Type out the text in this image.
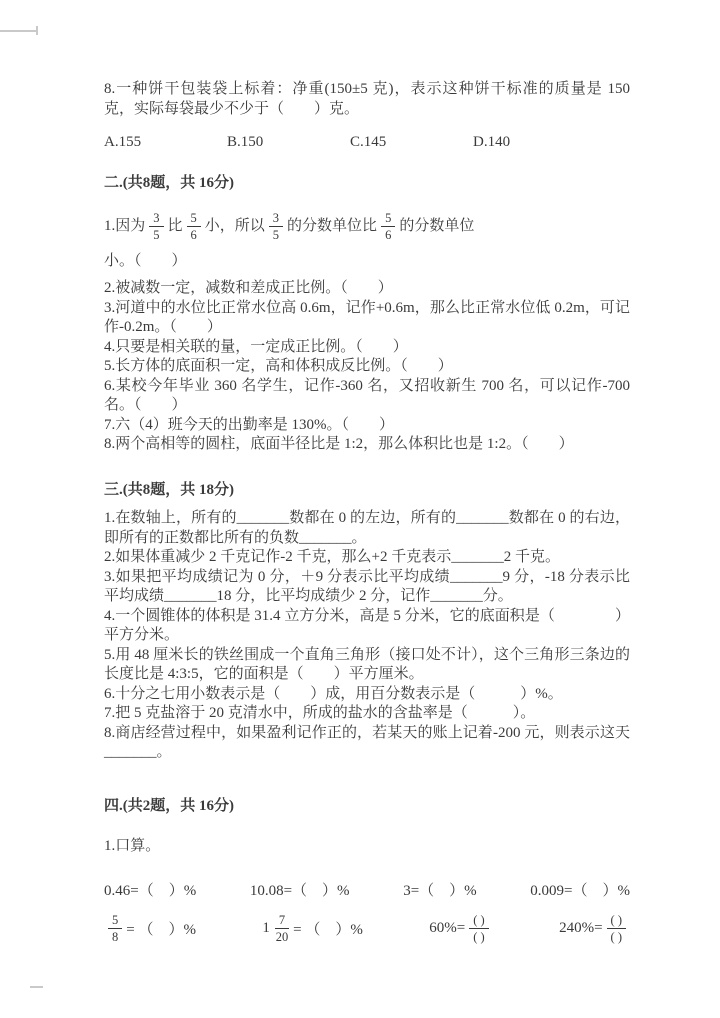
8.一种饼干包装袋上标着：净重(150±5 克)，表示这种饼干标准的质量是 150 克，实际每袋最少不少于（　　）克。

A.155	B.150	C.145	D.140
二.(共8题，共 16分)

1.因为 $\frac{3}{5}$ 比 $\frac{5}{6}$ 小，所以 $\frac{3}{5}$ 的分数单位比 $\frac{5}{6}$ 的分数单位

小。（　　）

2.被减数一定，减数和差成正比例。（　　）

3.河道中的水位比正常水位高 0.6m，记作+0.6m，那么比正常水位低 0.2m，可记作-0.2m。（　　）

4.只要是相关联的量，一定成正比例。（　　）

5.长方体的底面积一定，高和体积成反比例。（　　）

6.某校今年毕业 360 名学生，记作-360 名，又招收新生 700 名，可以记作-700名。（　　）

7.六（4）班今天的出勤率是 130%。（　　）

8.两个高相等的圆柱，底面半径比是 1:2，那么体积比也是 1:2。（　　）

三.(共8题，共 18分)

1.在数轴上，所有的_______数都在 0 的左边，所有的_______数都在 0 的右边，即所有的正数都比所有的负数_______。

2.如果体重减少 2 千克记作-2 千克，那么+2 千克表示_______2 千克。

3.如果把平均成绩记为 0 分，＋9 分表示比平均成绩_______9 分，-18 分表示比平均成绩_______18 分，比平均成绩少 2 分，记作_______分。

4.一个圆锥体的体积是 31.4 立方分米，高是 5 分米，它的底面积是（　　　　）平方分米。

5.用 48 厘米长的铁丝围成一个直角三角形（接口处不计），这个三角形三条边的长度比是 4:3:5，它的面积是（　　）平方厘米。

6.十分之七用小数表示是（　　）成，用百分数表示是（　　　）%。

7.把 5 克盐溶于 20 克清水中，所成的盐水的含盐率是（　　　）。

8.商店经营过程中，如果盈利记作正的，若某天的账上记着-200 元，则表示这天_______。

四.(共2题，共 16分)

1.口算。

0.46=（　）%	10.08=（　）%	3=（　）%	0.009=（　）%
$\frac{5}{8}$ = （　）%	$1 \frac{7}{20}$ = （　）%	$60\%= \frac{( )}{( )}$	$240\%= \frac{( )}{( )}$
